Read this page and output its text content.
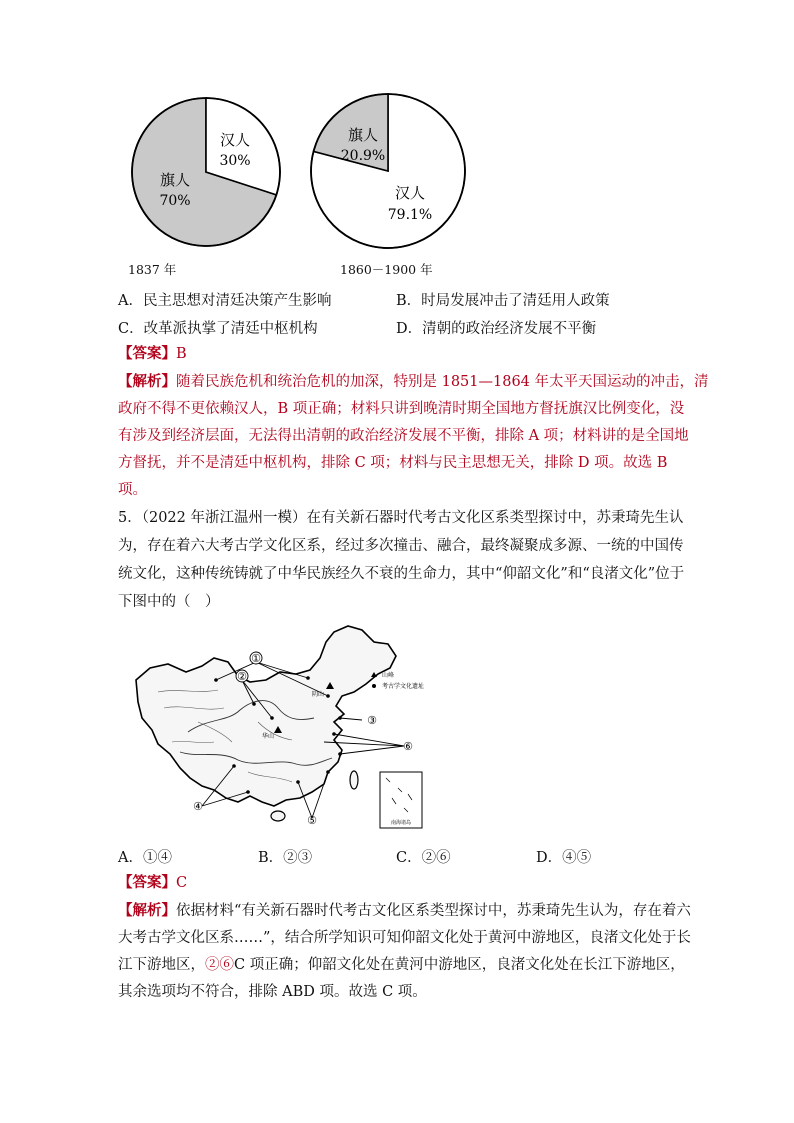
汉人
30%
旗人
70%
旗人
20.9%
汉人
79.1%
1837 年	1860－1900 年
A．民主思想对清廷决策产生影响	B．时局发展冲击了清廷用人政策
C．改革派执掌了清廷中枢机构	D．清朝的政治经济发展不平衡
【答案】B
【解析】随着民族危机和统治危机的加深，特别是 1851—1864 年太平天国运动的冲击，清
政府不得不更依赖汉人，B 项正确；材料只讲到晚清时期全国地方督抚旗汉比例变化，没
有涉及到经济层面，无法得出清朝的政治经济发展不平衡，排除 A 项；材料讲的是全国地
方督抚，并不是清廷中枢机构，排除 C 项；材料与民主思想无关，排除 D 项。故选 B
项。
5．（2022 年浙江温州一模）在有关新石器时代考古文化区系类型探讨中，苏秉琦先生认
为，存在着六大考古学文化区系，经过多次撞击、融合，最终凝聚成多源、一统的中国传
统文化，这种传统铸就了中华民族经久不衰的生命力，其中“仰韶文化”和“良渚文化”位于
下图中的（　）
①
②
③
④
⑤
⑥
阴山
华山
山峰
考古学文化遗址
南海诸岛
A．①④	B．②③	C．②⑥	D．④⑤
【答案】C
【解析】依据材料“有关新石器时代考古文化区系类型探讨中，苏秉琦先生认为，存在着六
大考古学文化区系……”，结合所学知识可知仰韶文化处于黄河中游地区，良渚文化处于长
江下游地区，②⑥C 项正确；仰韶文化处在黄河中游地区，良渚文化处在长江下游地区，
其余选项均不符合，排除 ABD 项。故选 C 项。
